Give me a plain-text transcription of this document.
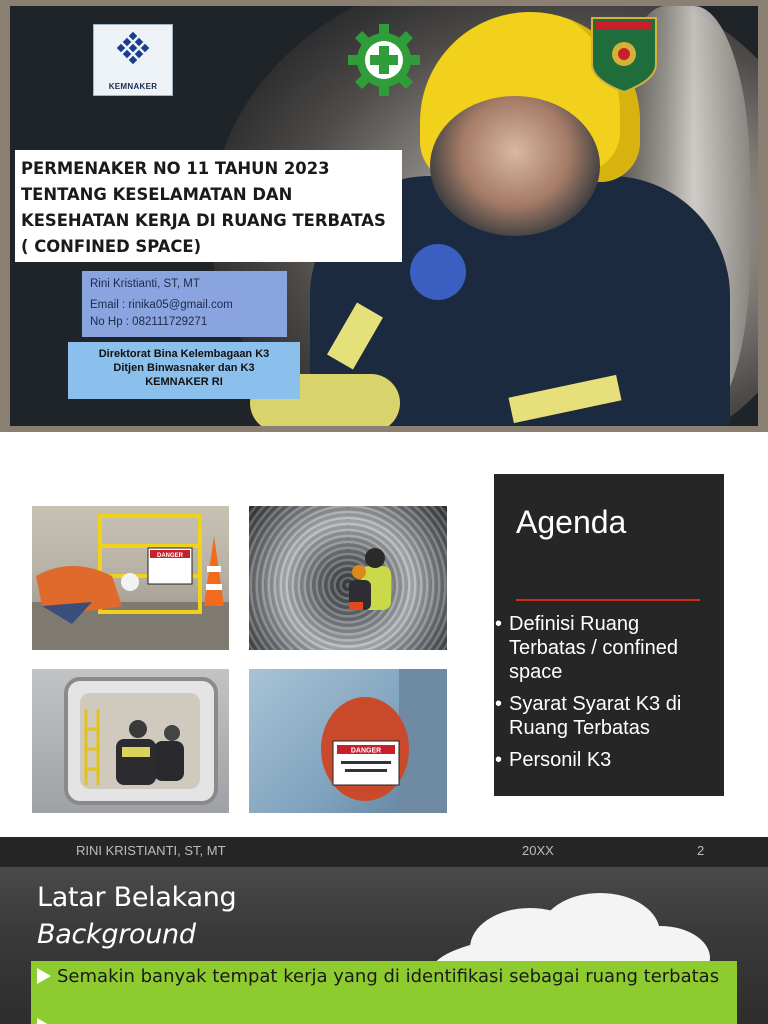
KEMNAKER
PERMENAKER NO 11 TAHUN 2023
TENTANG KESELAMATAN DAN
KESEHATAN KERJA DI RUANG TERBATAS
( CONFINED SPACE)
Rini Kristianti, ST, MT
Email : rinika05@gmail.com
No Hp : 082111729271
Direktorat Bina Kelembagaan K3
Ditjen Binwasnaker dan K3
KEMNAKER RI
DANGER
DANGER
Agenda
• Definisi Ruang Terbatas / confined space
• Syarat Syarat K3 di Ruang Terbatas
• Personil K3
RINI KRISTIANTI, ST, MT	20XX	2
Latar Belakang
Background
Semakin banyak tempat kerja yang di identifikasi sebagai ruang terbatas
